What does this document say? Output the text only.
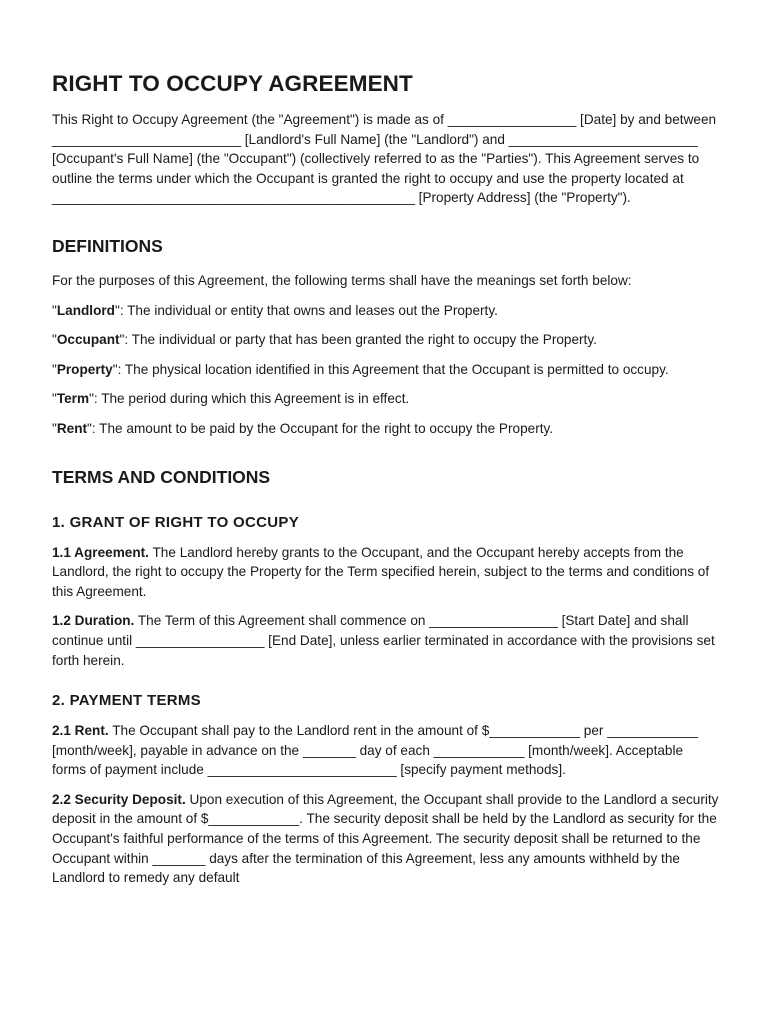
RIGHT TO OCCUPY AGREEMENT

This Right to Occupy Agreement (the "Agreement") is made as of _________________ [Date] by and between _________________________ [Landlord's Full Name] (the "Landlord") and _________________________ [Occupant's Full Name] (the "Occupant") (collectively referred to as the "Parties"). This Agreement serves to outline the terms under which the Occupant is granted the right to occupy and use the property located at ________________________________________________ [Property Address] (the "Property").

DEFINITIONS

For the purposes of this Agreement, the following terms shall have the meanings set forth below:

"Landlord": The individual or entity that owns and leases out the Property.

"Occupant": The individual or party that has been granted the right to occupy the Property.

"Property": The physical location identified in this Agreement that the Occupant is permitted to occupy.

"Term": The period during which this Agreement is in effect.

"Rent": The amount to be paid by the Occupant for the right to occupy the Property.

TERMS AND CONDITIONS
1. GRANT OF RIGHT TO OCCUPY

1.1 Agreement. The Landlord hereby grants to the Occupant, and the Occupant hereby accepts from the Landlord, the right to occupy the Property for the Term specified herein, subject to the terms and conditions of this Agreement.

1.2 Duration. The Term of this Agreement shall commence on _________________ [Start Date] and shall continue until _________________ [End Date], unless earlier terminated in accordance with the provisions set forth herein.

2. PAYMENT TERMS

2.1 Rent. The Occupant shall pay to the Landlord rent in the amount of $____________ per ____________ [month/week], payable in advance on the _______ day of each ____________ [month/week]. Acceptable forms of payment include _________________________ [specify payment methods].

2.2 Security Deposit. Upon execution of this Agreement, the Occupant shall provide to the Landlord a security deposit in the amount of $____________. The security deposit shall be held by the Landlord as security for the Occupant's faithful performance of the terms of this Agreement. The security deposit shall be returned to the Occupant within _______ days after the termination of this Agreement, less any amounts withheld by the Landlord to remedy any default
